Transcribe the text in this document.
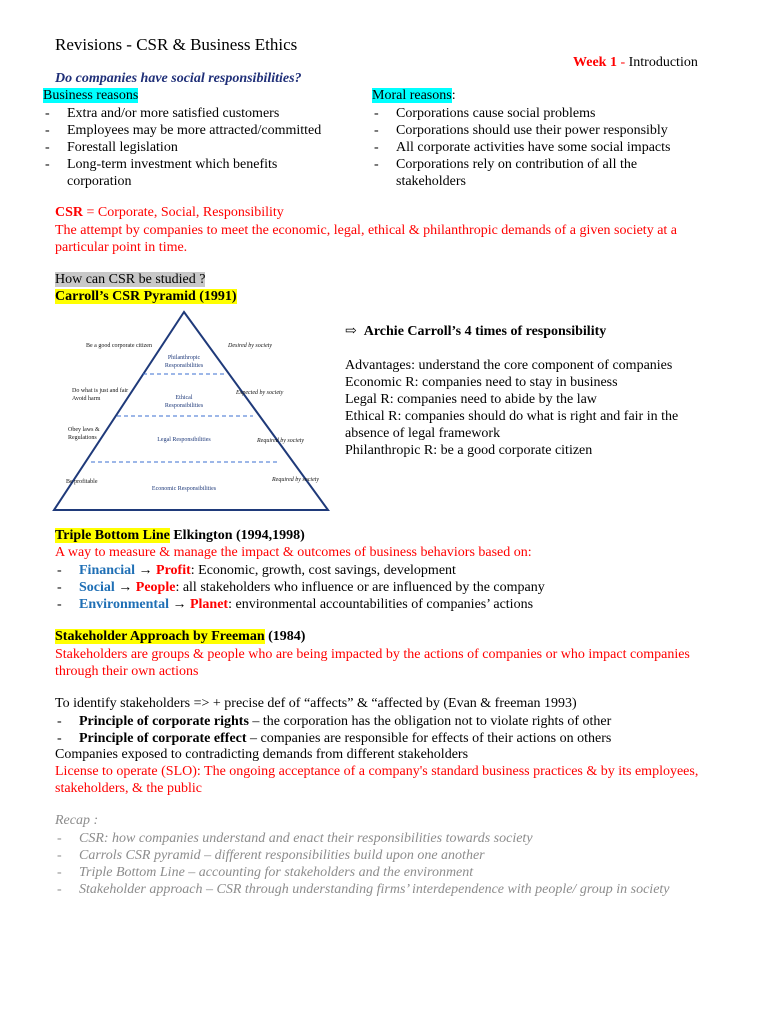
Revisions - CSR & Business Ethics
Week 1 - Introduction
Do companies have social responsibilities?
Business reasons
- Extra and/or more satisfied customers
- Employees may be more attracted/committed
- Forestall legislation
- Long-term investment which benefits corporation
Moral reasons:
- Corporations cause social problems
- Corporations should use their power responsibly
- All corporate activities have some social impacts
- Corporations rely on contribution of all the stakeholders
CSR = Corporate, Social, Responsibility
The attempt by companies to meet the economic, legal, ethical & philanthropic demands of a given society at a particular point in time.
How can CSR be studied ?
Carroll’s CSR Pyramid (1991)
Philanthropic
Responsibilities
Ethical
Responsibilities
Legal Responsibilities
Economic Responsibilities
Be a good corporate citizen
Do what is just and fair
Avoid harm
Obey laws &
Regulations
Be profitable
Desired by society
Expected by society
Required by society
Required by society
⇨ Archie Carroll’s 4 times of responsibility
Advantages: understand the core component of companies
Economic R: companies need to stay in business
Legal R: companies need to abide by the law
Ethical R: companies should do what is right and fair in the absence of legal framework
Philanthropic R: be a good corporate citizen
Triple Bottom Line Elkington (1994,1998)
A way to measure & manage the impact & outcomes of business behaviors based on:
- Financial → Profit: Economic, growth, cost savings, development
- Social → People: all stakeholders who influence or are influenced by the company
- Environmental → Planet: environmental accountabilities of companies’ actions
Stakeholder Approach by Freeman (1984)
Stakeholders are groups & people who are being impacted by the actions of companies or who impact companies through their own actions
To identify stakeholders => + precise def of “affects” & “affected by (Evan & freeman 1993)
- Principle of corporate rights – the corporation has the obligation not to violate rights of other
- Principle of corporate effect – companies are responsible for effects of their actions on others
Companies exposed to contradicting demands from different stakeholders
License to operate (SLO): The ongoing acceptance of a company's standard business practices & by its employees, stakeholders, & the public
Recap :
- CSR: how companies understand and enact their responsibilities towards society
- Carrols CSR pyramid – different responsibilities build upon one another
- Triple Bottom Line – accounting for stakeholders and the environment
- Stakeholder approach – CSR through understanding firms’ interdependence with people/ group in society
